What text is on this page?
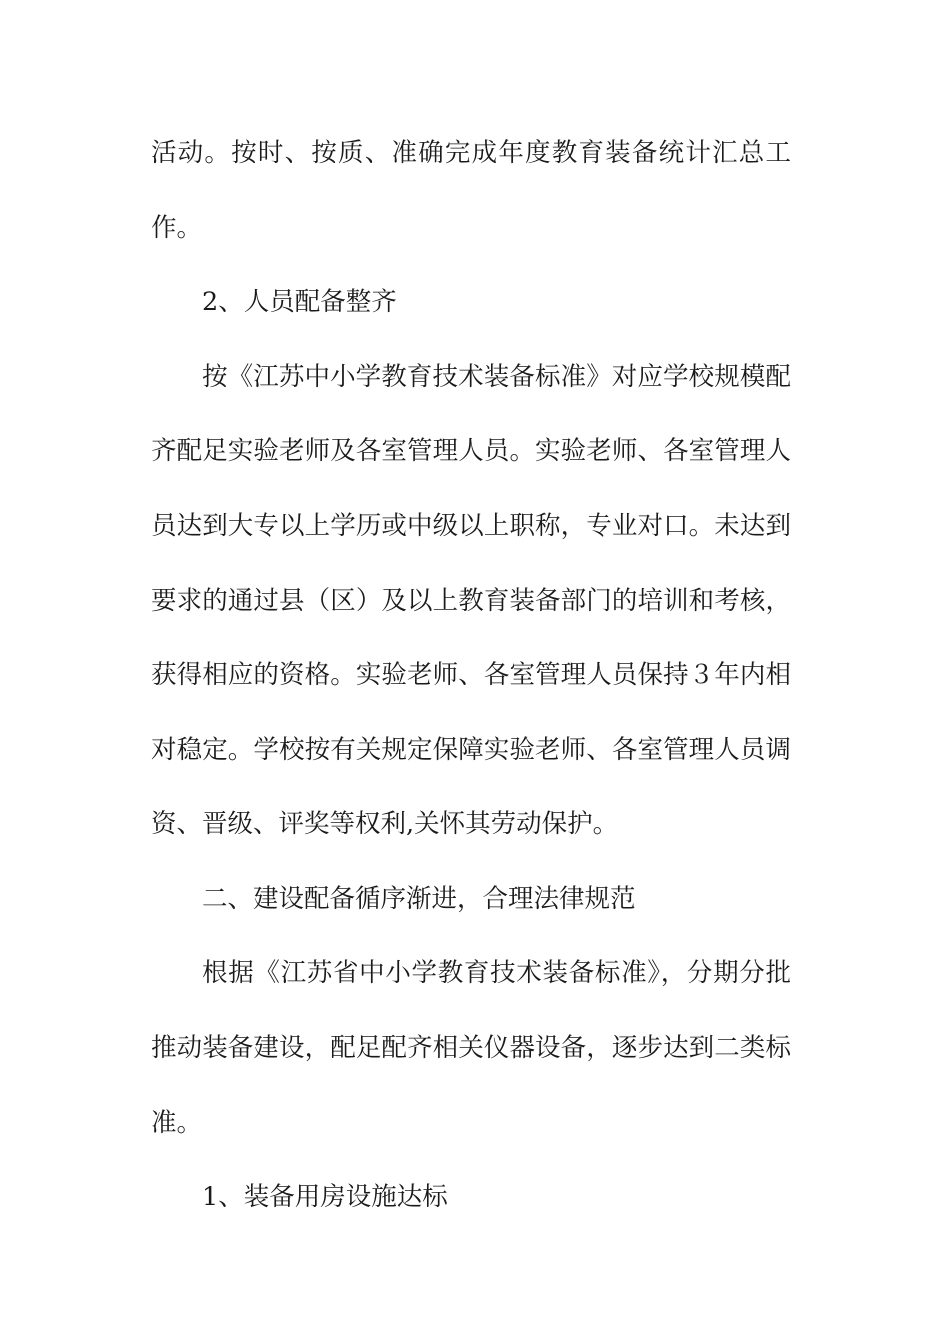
活动。按时、按质、准确完成年度教育装备统计汇总工
作。
2、人员配备整齐
按《江苏中小学教育技术装备标准》对应学校规模配
齐配足实验老师及各室管理人员。实验老师、各室管理人
员达到大专以上学历或中级以上职称，专业对口。未达到
要求的通过县（区）及以上教育装备部门的培训和考核，
获得相应的资格。实验老师、各室管理人员保持３年内相
对稳定。学校按有关规定保障实验老师、各室管理人员调
资、晋级、评奖等权利,关怀其劳动保护。
二、建设配备循序渐进，合理法律规范
根据《江苏省中小学教育技术装备标准》，分期分批
推动装备建设，配足配齐相关仪器设备，逐步达到二类标
准。
1、装备用房设施达标
